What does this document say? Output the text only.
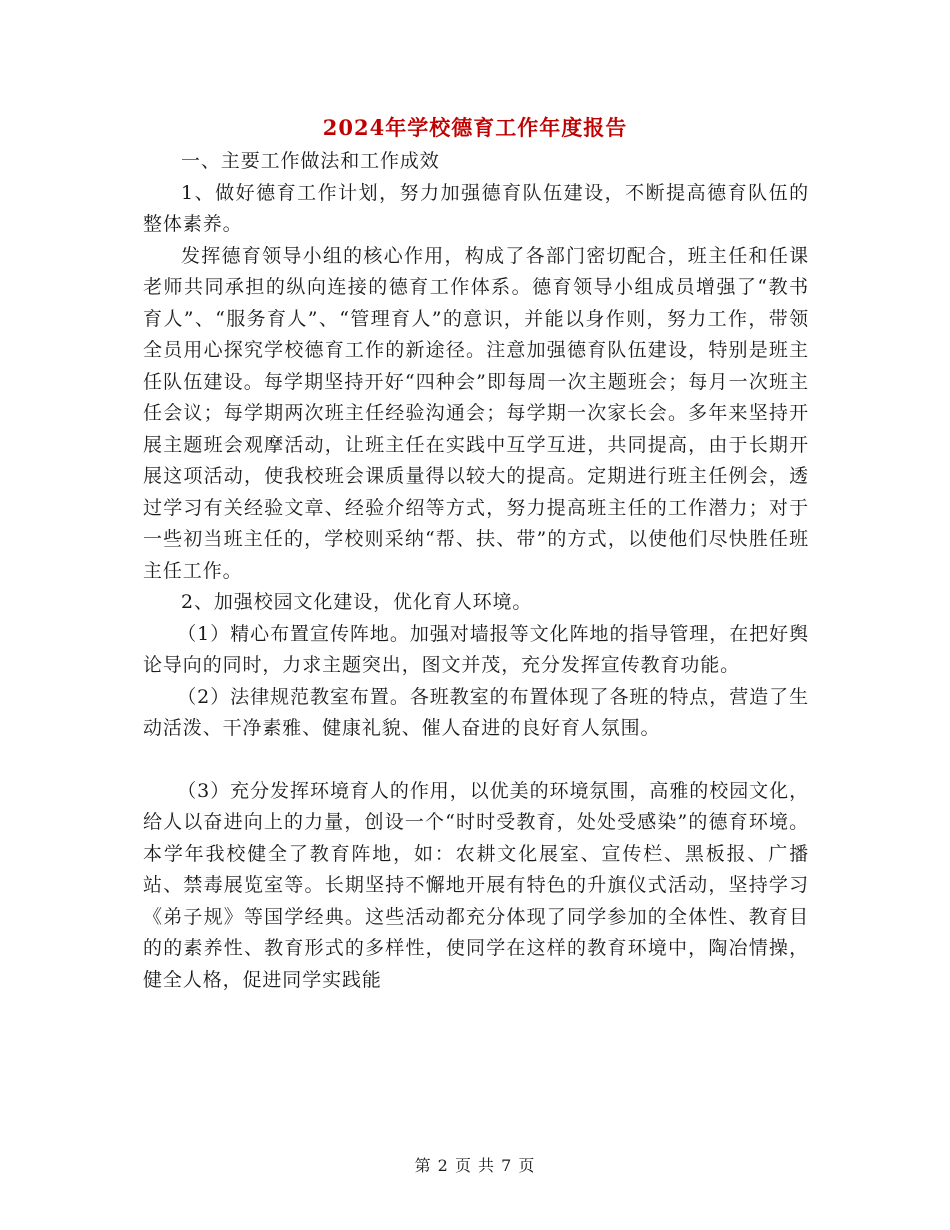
2024年学校德育工作年度报告

一、主要工作做法和工作成效

1、做好德育工作计划，努力加强德育队伍建设，不断提高德育队伍的整体素养。

发挥德育领导小组的核心作用，构成了各部门密切配合，班主任和任课老师共同承担的纵向连接的德育工作体系。德育领导小组成员增强了“教书育人”、“服务育人”、“管理育人”的意识，并能以身作则，努力工作，带领全员用心探究学校德育工作的新途径。注意加强德育队伍建设，特别是班主任队伍建设。每学期坚持开好“四种会”即每周一次主题班会；每月一次班主任会议；每学期两次班主任经验沟通会；每学期一次家长会。多年来坚持开展主题班会观摩活动，让班主任在实践中互学互进，共同提高，由于长期开展这项活动，使我校班会课质量得以较大的提高。定期进行班主任例会，透过学习有关经验文章、经验介绍等方式，努力提高班主任的工作潜力；对于一些初当班主任的，学校则采纳“帮、扶、带”的方式，以使他们尽快胜任班主任工作。

2、加强校园文化建设，优化育人环境。

（1）精心布置宣传阵地。加强对墙报等文化阵地的指导管理，在把好舆论导向的同时，力求主题突出，图文并茂，充分发挥宣传教育功能。

（2）法律规范教室布置。各班教室的布置体现了各班的特点，营造了生动活泼、干净素雅、健康礼貌、催人奋进的良好育人氛围。

（3）充分发挥环境育人的作用，以优美的环境氛围，高雅的校园文化，给人以奋进向上的力量，创设一个“时时受教育，处处受感染”的德育环境。本学年我校健全了教育阵地，如：农耕文化展室、宣传栏、黑板报、广播站、禁毒展览室等。长期坚持不懈地开展有特色的升旗仪式活动，坚持学习《弟子规》等国学经典。这些活动都充分体现了同学参加的全体性、教育目的的素养性、教育形式的多样性，使同学在这样的教育环境中，陶冶情操，健全人格，促进同学实践能

第 2 页 共 7 页
